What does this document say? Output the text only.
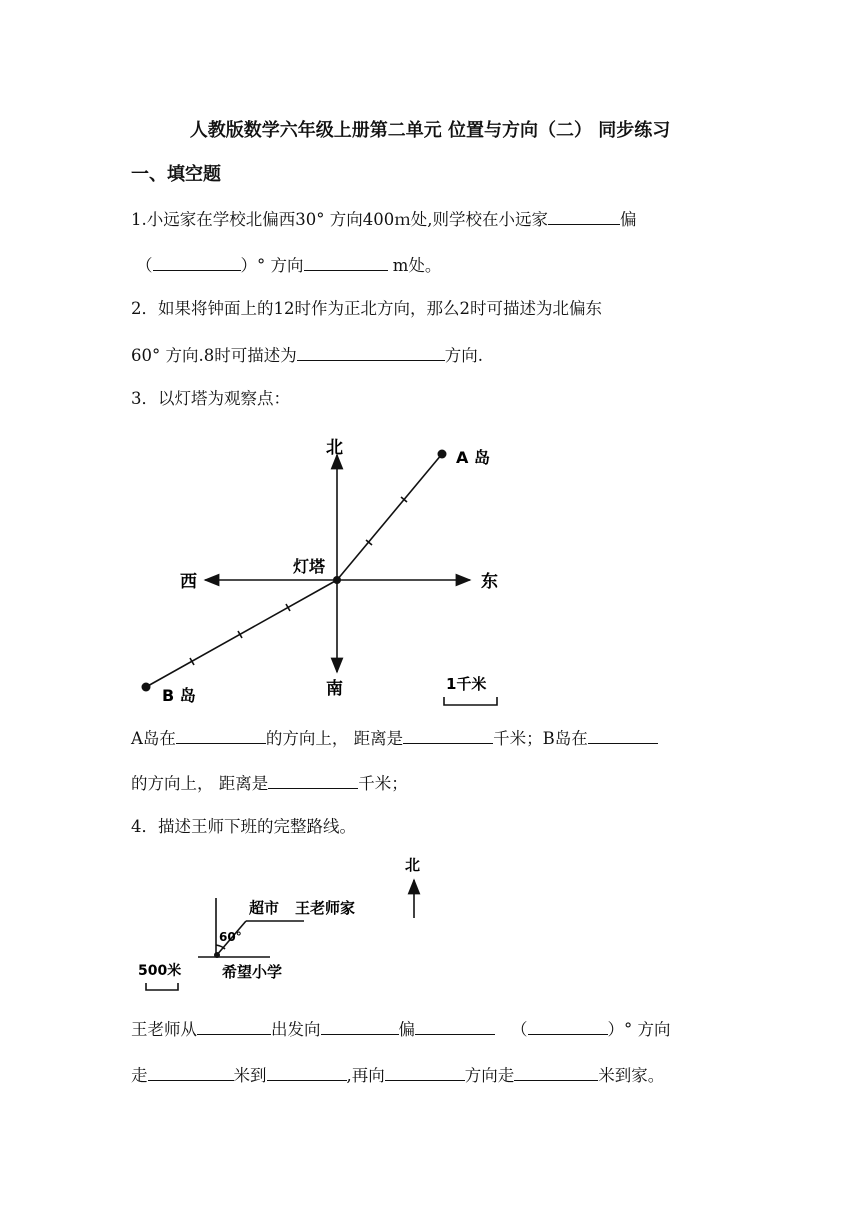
人教版数学六年级上册第二单元 位置与方向（二） 同步练习
一、填空题
1.小远家在学校北偏西30° 方向400ｍ处,则学校在小远家	偏
（	）° 方向	m处。
2．如果将钟面上的12时作为正北方向，那么2时可描述为北偏东
60° 方向.8时可描述为	方向.
3．以灯塔为观察点：
北
南
东
西
灯塔
A 岛
B 岛
1千米
北
超市 王老师家
60°
希望小学
500米
A岛在	的方向上， 距离是	千米；B岛在
的方向上， 距离是	千米；
4．描述王师下班的完整路线。
王老师从	出发向	偏	（	）° 方向
走	米到	,再向	方向走	米到家。
